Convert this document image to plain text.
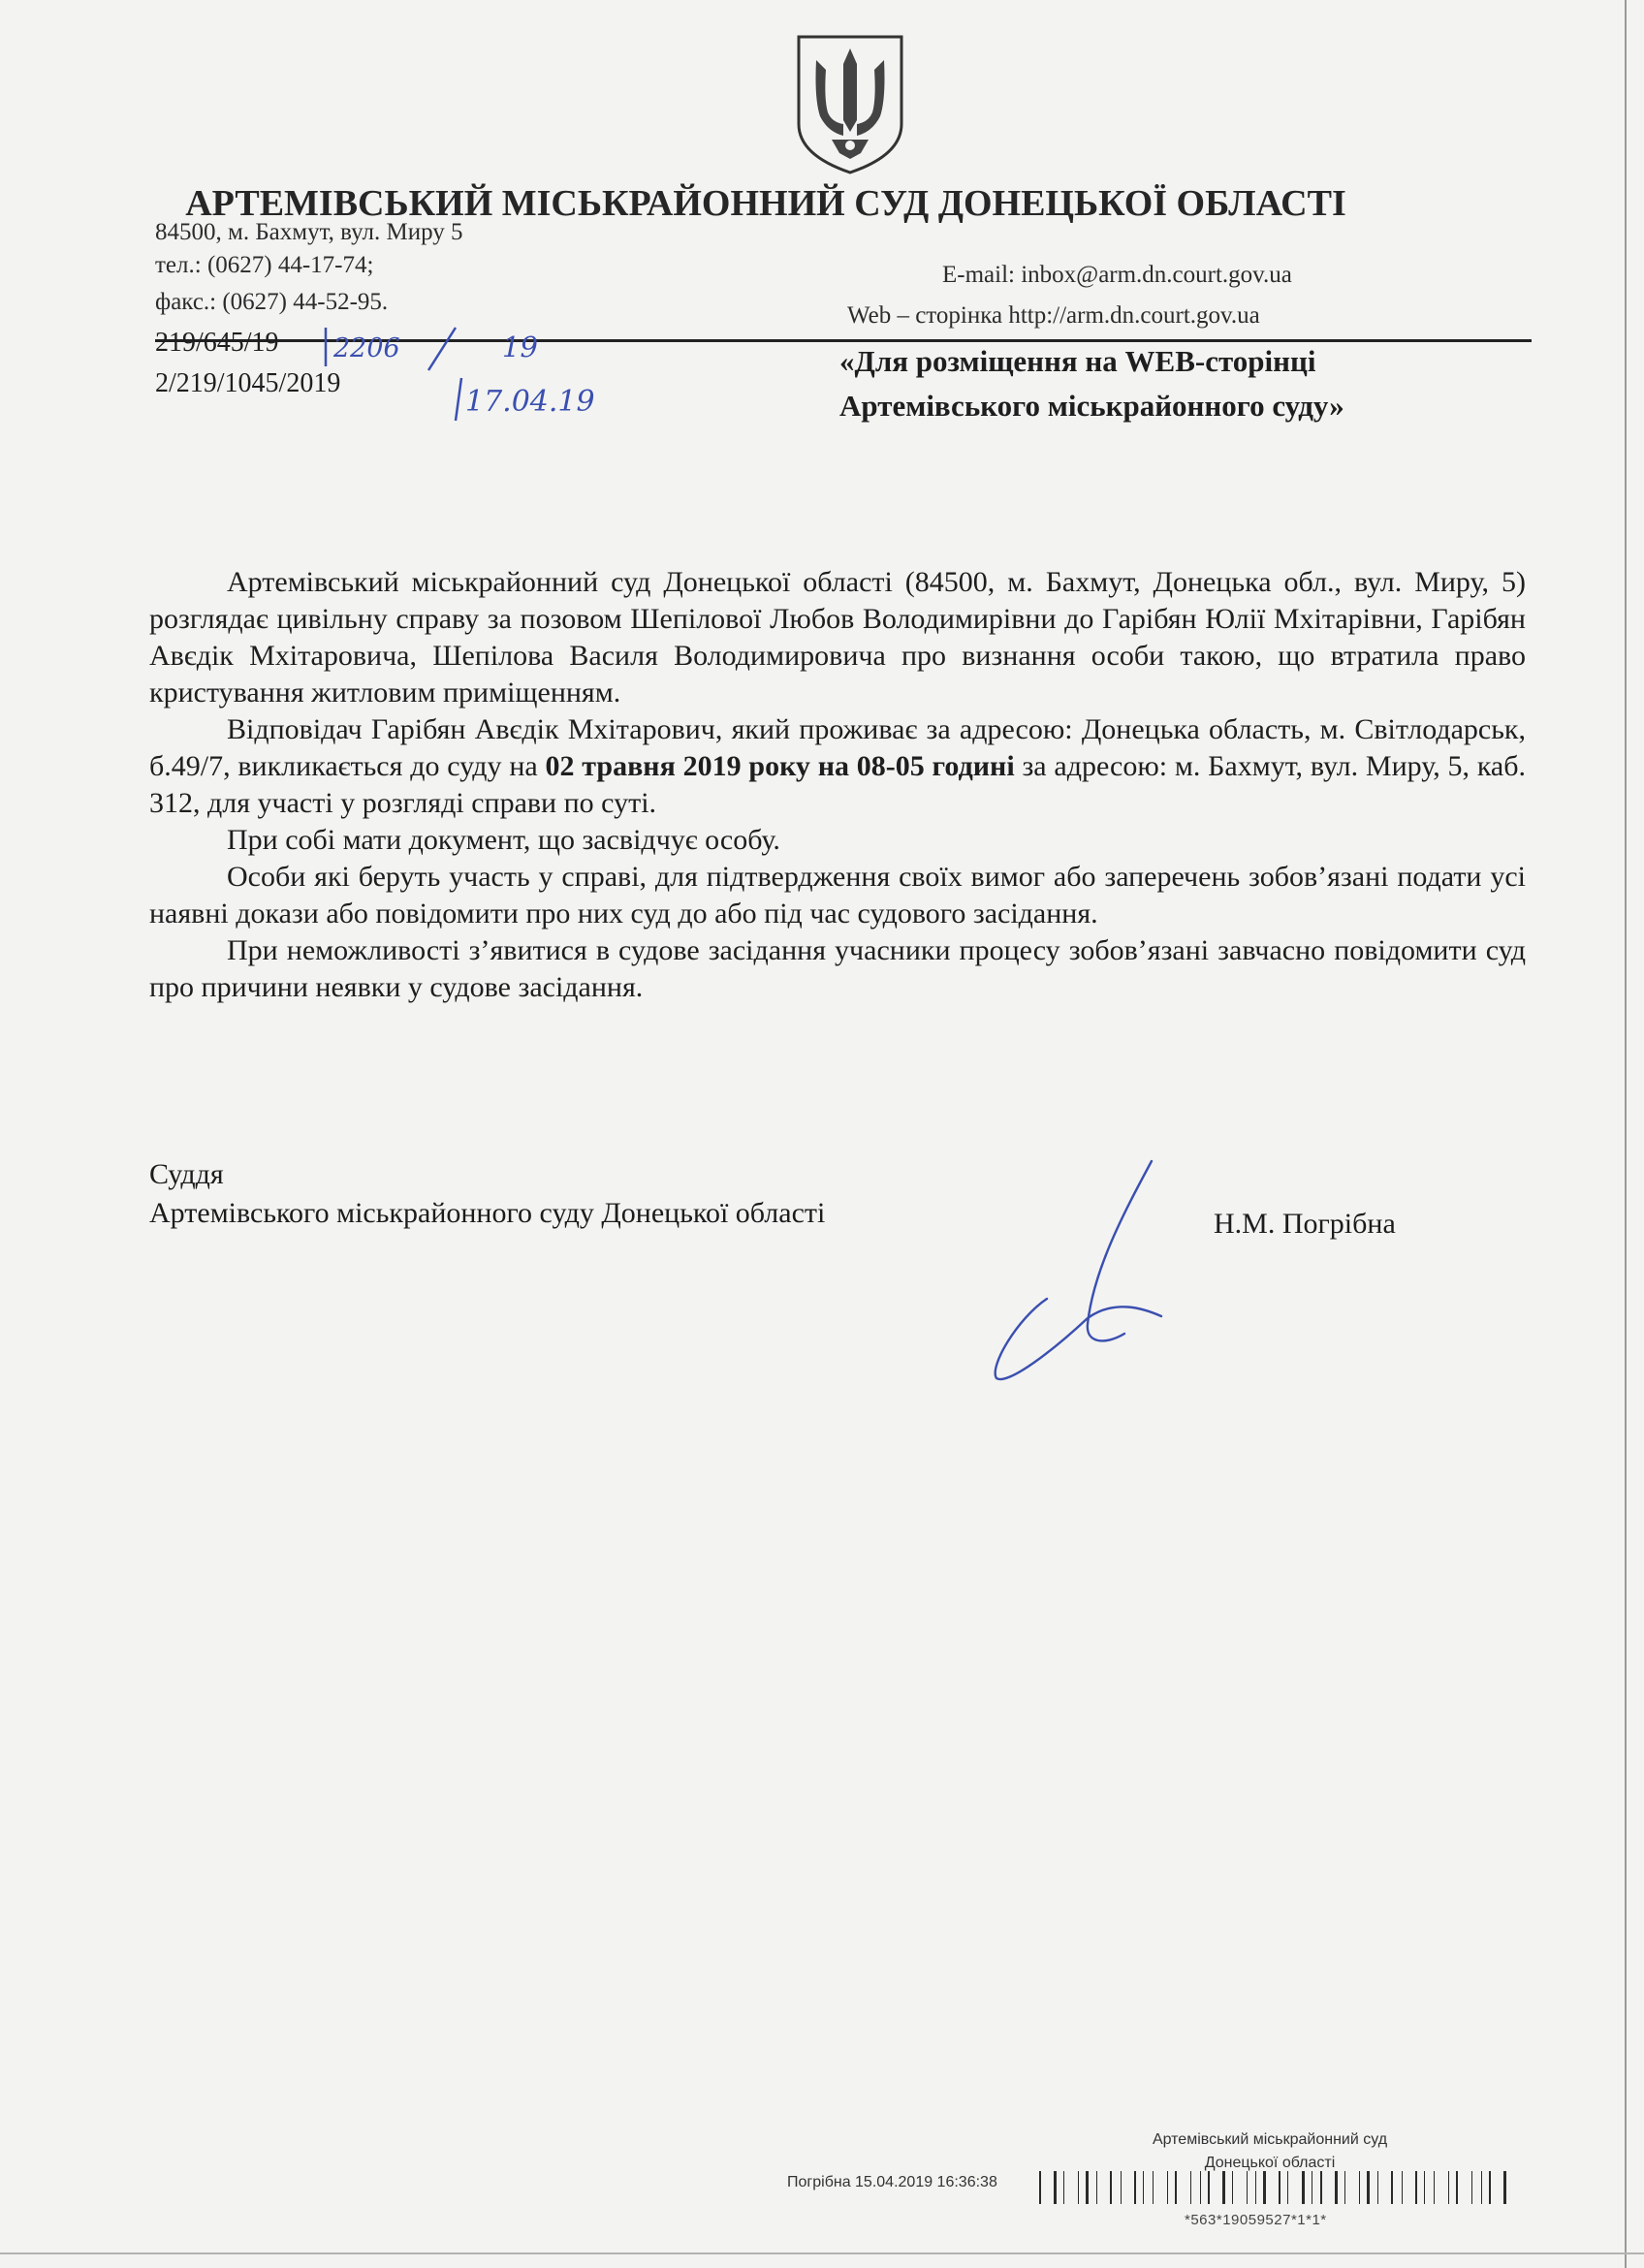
АРТЕМІВСЬКИЙ МІСЬКРАЙОННИЙ СУД ДОНЕЦЬКОЇ ОБЛАСТІ
84500, м. Бахмут, вул. Миру 5
тел.: (0627) 44-17-74;
факс.: (0627) 44-52-95.
E-mail: inbox@arm.dn.court.gov.ua
Web – сторінка http://arm.dn.court.gov.ua
219/645/19
2/219/1045/2019
2206	19
17.04.19
«Для розміщення на WEB-сторінці
Артемівського міськрайонного суду»

Артемівський міськрайонний суд Донецької області (84500, м. Бахмут, Донецька обл., вул. Миру, 5) розглядає цивільну справу за позовом Шепілової Любов Володимирівни до Гарібян Юлії Мхітарівни, Гарібян Авєдік Мхітаровича, Шепілова Василя Володимировича про визнання особи такою, що втратила право кристування житловим приміщенням.

Відповідач Гарібян Авєдік Мхітарович, який проживає за адресою: Донецька область, м. Світлодарськ, б.49/7, викликається до суду на 02 травня 2019 року на 08-05 годині за адресою: м. Бахмут, вул. Миру, 5, каб. 312, для участі у розгляді справи по суті.

При собі мати документ, що засвідчує особу.

Особи які беруть участь у справі, для підтвердження своїх вимог або заперечень зобов’язані подати усі наявні докази або повідомити про них суд до або під час судового засідання.

При неможливості з’явитися в судове засідання учасники процесу зобов’язані завчасно повідомити суд про причини неявки у судове засідання.

Суддя
Артемівського міськрайонного суду Донецької області	Н.М. Погрібна
Артемівський міськрайонний суд
Донецької області
Погрібна 15.04.2019 16:36:38
*563*19059527*1*1*
